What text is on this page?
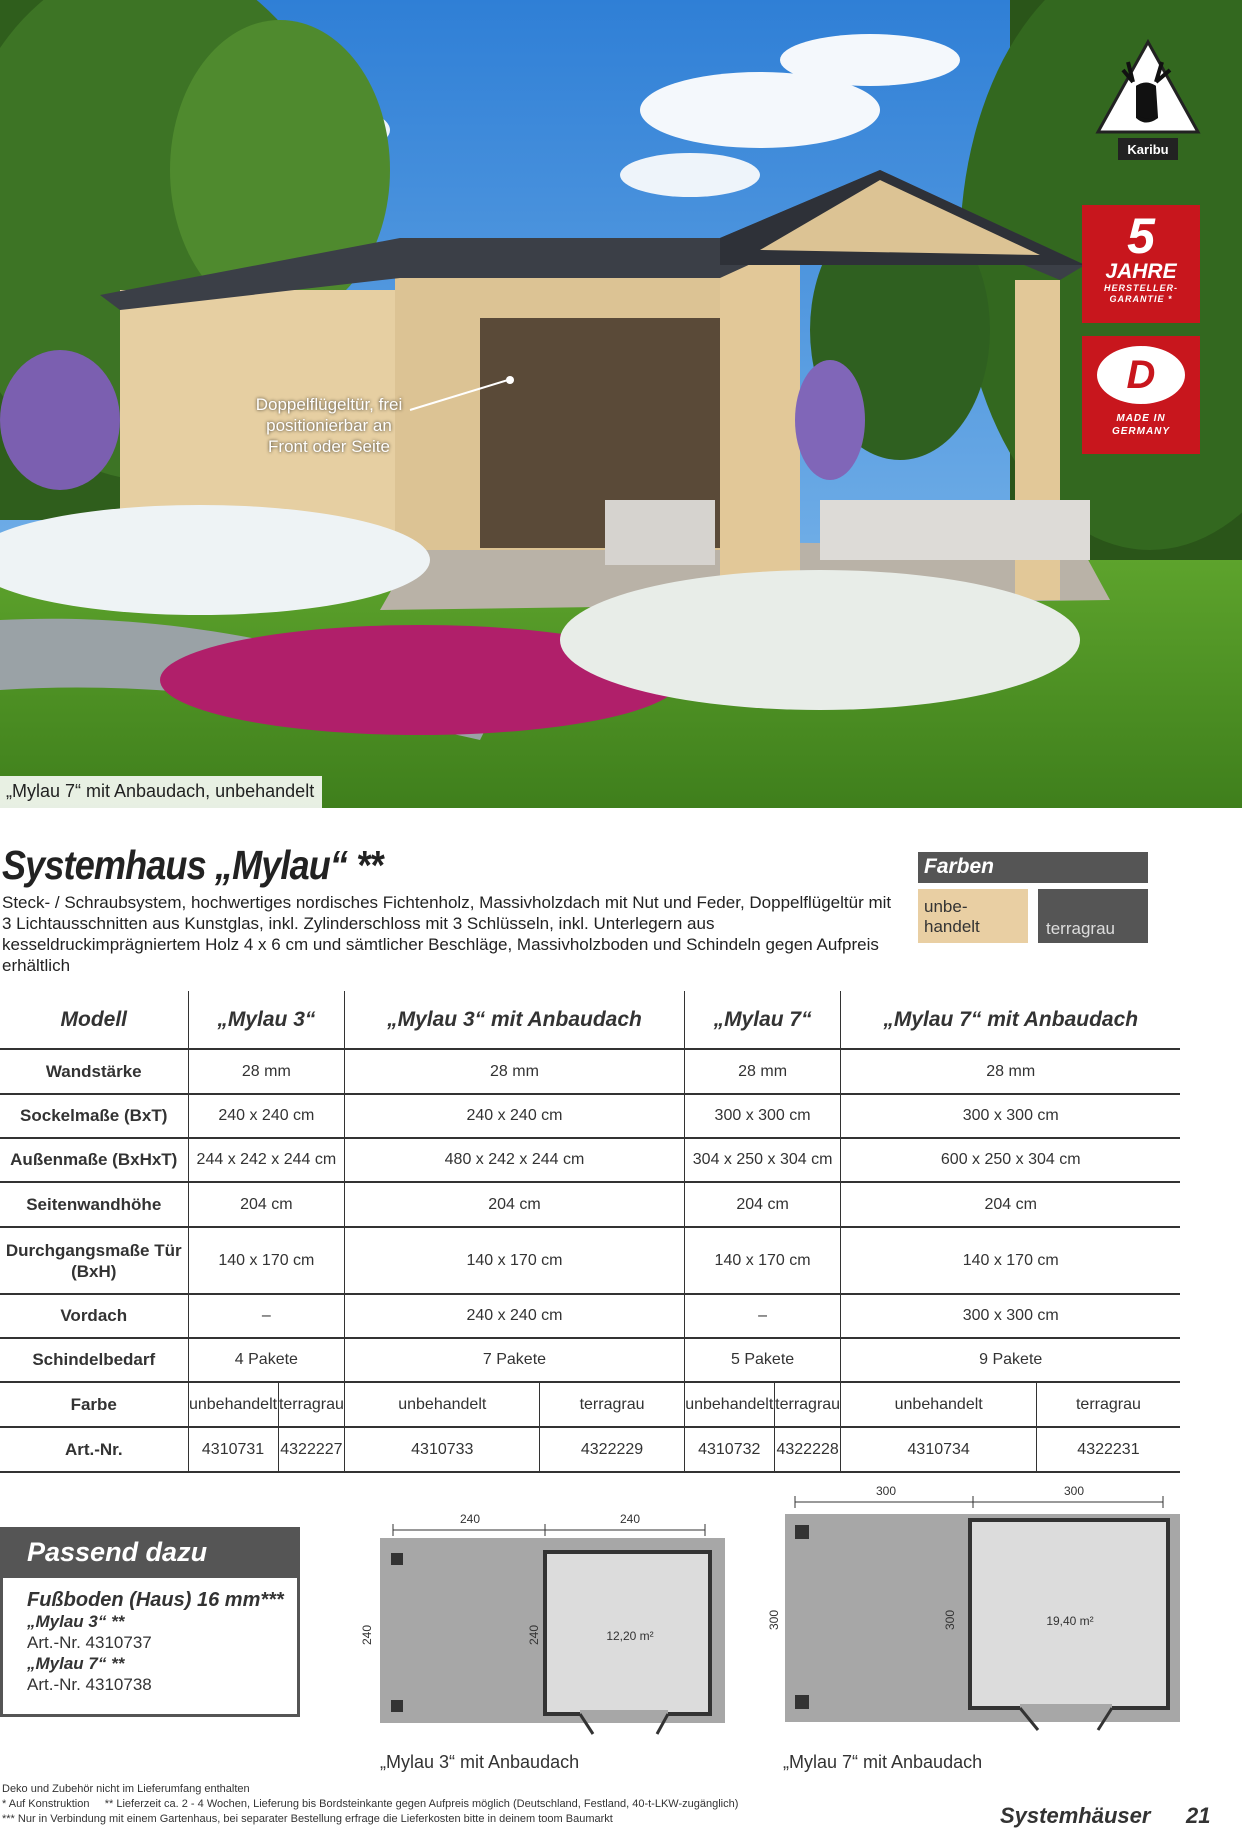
Doppelflügeltür, frei positionierbar an Front oder Seite
Karibu
5
JAHRE
HERSTELLER-
GARANTIE *
D
MADE IN
GERMANY
„Mylau 7“ mit Anbaudach, unbehandelt
Systemhaus „Mylau“ **
Steck- / Schraubsystem, hochwertiges nordisches Fichtenholz, Massivholzdach mit Nut und Feder, Doppelflügeltür mit 3 Lichtausschnitten aus Kunstglas, inkl. Zylinderschloss mit 3 Schlüsseln, inkl. Unterlegern aus kesseldruckimprägniertem Holz 4 x 6 cm und sämtlicher Beschläge, Massivholzboden und Schindeln gegen Aufpreis erhältlich
Farben
unbe- handelt	terragrau
Modell	„Mylau 3“		„Mylau 3“ mit Anbaudach		„Mylau 7“		„Mylau 7“ mit Anbaudach	
Wandstärke	28 mm		28 mm		28 mm		28 mm	
Sockelmaße (BxT)	240 x 240 cm		240 x 240 cm		300 x 300 cm		300 x 300 cm	
Außenmaße (BxHxT)	244 x 242 x 244 cm		480 x 242 x 244 cm		304 x 250 x 304 cm		600 x 250 x 304 cm	
Seitenwandhöhe	204 cm		204 cm		204 cm		204 cm	
Durchgangsmaße Tür (BxH)	140 x 170 cm		140 x 170 cm		140 x 170 cm		140 x 170 cm	
Vordach	–		240 x 240 cm		–		300 x 300 cm	
Schindelbedarf	4 Pakete		7 Pakete		5 Pakete		9 Pakete	
Farbe	unbehandelt	terragrau	unbehandelt	terragrau	unbehandelt	terragrau	unbehandelt	terragrau
Art.-Nr.	4310731	4322227	4310733	4322229	4310732	4322228	4310734	4322231
Passend dazu
Fußboden (Haus) 16 mm***
„Mylau 3“ **
Art.-Nr. 4310737
„Mylau 7“ **
Art.-Nr. 4310738
240	240
12,20 m²
240	240
„Mylau 3“ mit Anbaudach
300	300
19,40 m²
300	300
„Mylau 7“ mit Anbaudach
Deko und Zubehör nicht im Lieferumfang enthalten
* Auf Konstruktion     ** Lieferzeit ca. 2 - 4 Wochen, Lieferung bis Bordsteinkante gegen Aufpreis möglich (Deutschland, Festland, 40-t-LKW-zugänglich)
*** Nur in Verbindung mit einem Gartenhaus, bei separater Bestellung erfrage die Lieferkosten bitte in deinem toom Baumarkt	Systemhäuser 21
